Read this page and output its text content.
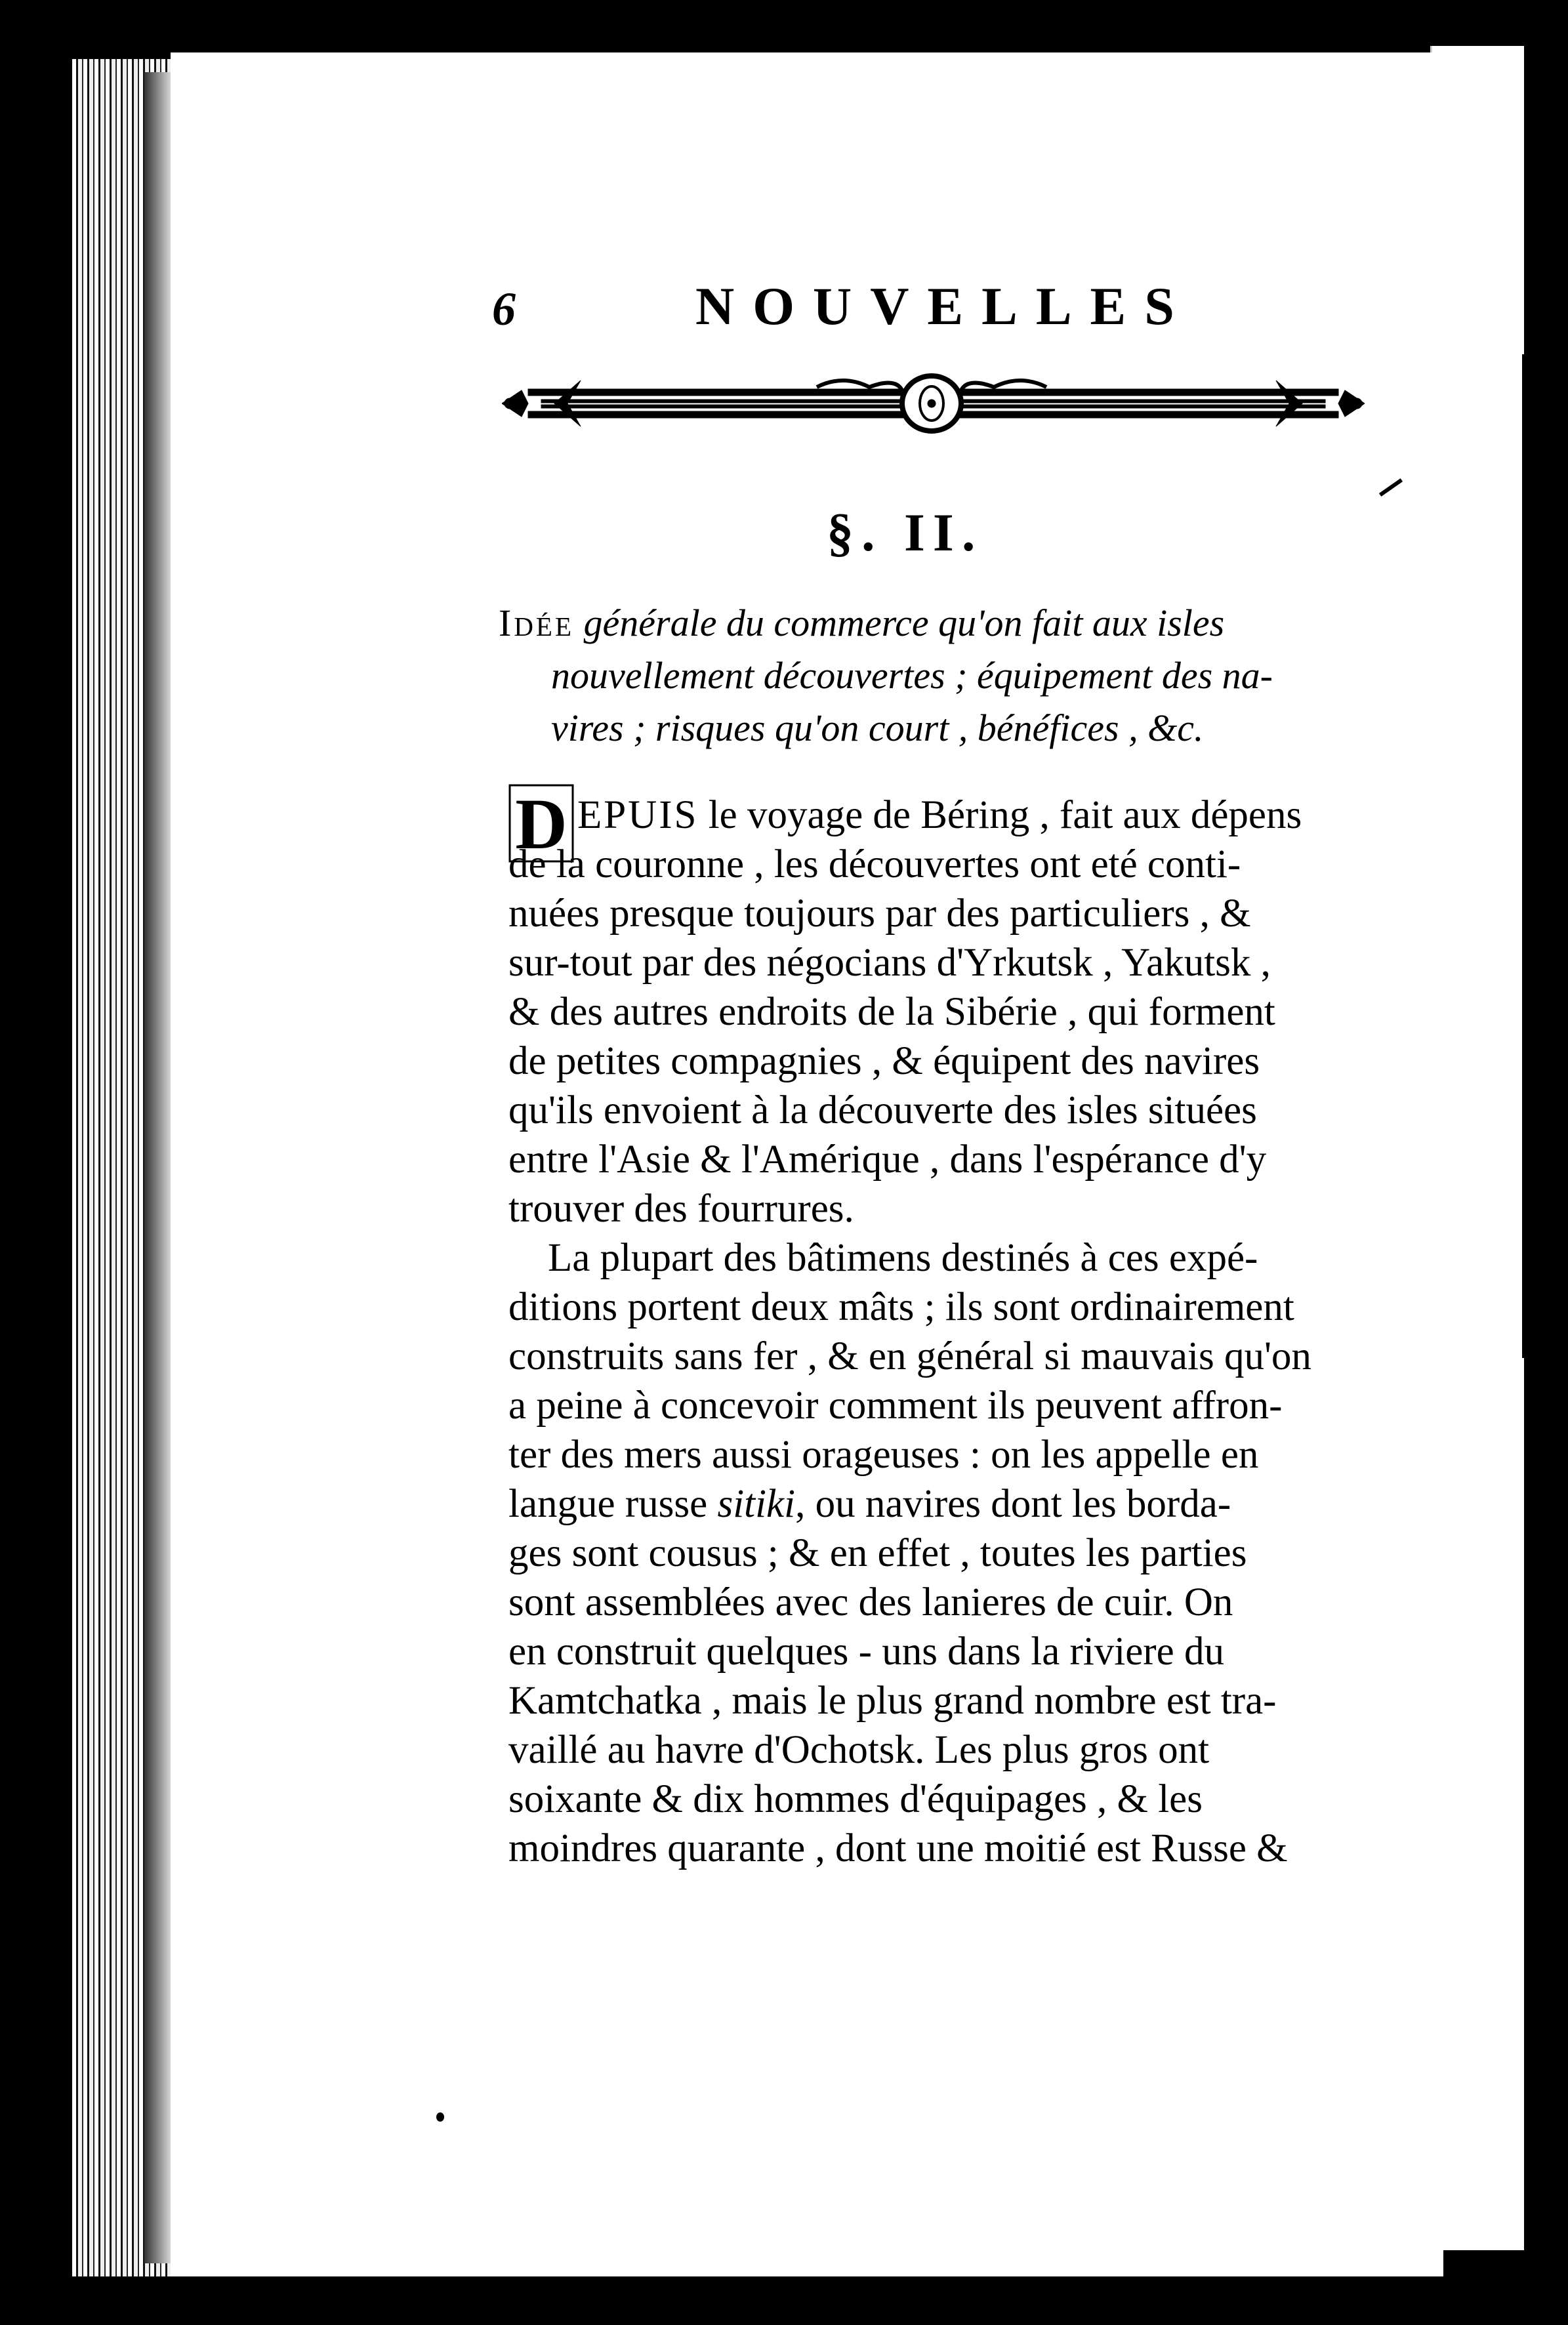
6	NOUVELLES
§. II.
Idée générale du commerce qu'on fait aux isles
nouvellement découvertes ; équipement des na-
vires ; risques qu'on court , bénéfices , &c.
D EPUIS le voyage de Béring , fait aux dépens
de la couronne , les découvertes ont eté conti-
nuées presque toujours par des particuliers , &
sur-tout par des négocians d'Yrkutsk , Yakutsk ,
& des autres endroits de la Sibérie , qui forment
de petites compagnies , & équipent des navires
qu'ils envoient à la découverte des isles situées
entre l'Asie & l'Amérique , dans l'espérance d'y
trouver des fourrures.
La plupart des bâtimens destinés à ces expé-
ditions portent deux mâts ; ils sont ordinairement
construits sans fer , & en général si mauvais qu'on
a peine à concevoir comment ils peuvent affron-
ter des mers aussi orageuses : on les appelle en
langue russe sitiki, ou navires dont les borda-
ges sont cousus ; & en effet , toutes les parties
sont assemblées avec des lanieres de cuir. On
en construit quelques - uns dans la riviere du
Kamtchatka , mais le plus grand nombre est tra-
vaillé au havre d'Ochotsk. Les plus gros ont
soixante & dix hommes d'équipages , & les
moindres quarante , dont une moitié est Russe &
